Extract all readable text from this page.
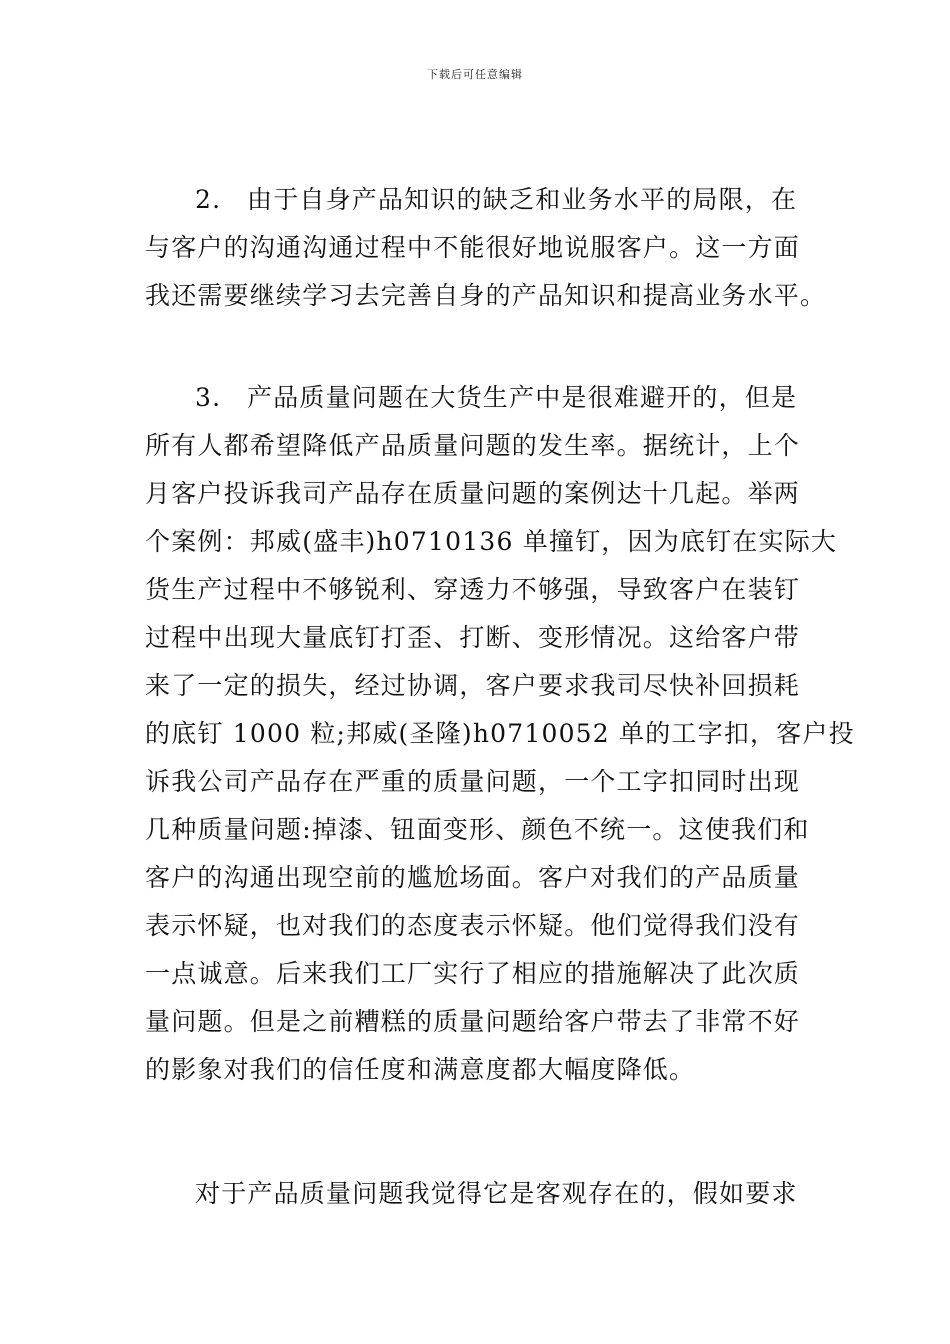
下载后可任意编辑
2. 由于自身产品知识的缺乏和业务水平的局限，在
与客户的沟通沟通过程中不能很好地说服客户。这一方面
我还需要继续学习去完善自身的产品知识和提高业务水平。
3. 产品质量问题在大货生产中是很难避开的，但是
所有人都希望降低产品质量问题的发生率。据统计，上个
月客户投诉我司产品存在质量问题的案例达十几起。举两
个案例：邦威(盛丰)h0710136 单撞钉，因为底钉在实际大
货生产过程中不够锐利、穿透力不够强，导致客户在装钉
过程中出现大量底钉打歪、打断、变形情况。这给客户带
来了一定的损失，经过协调，客户要求我司尽快补回损耗
的底钉 1000 粒;邦威(圣隆)h0710052 单的工字扣，客户投
诉我公司产品存在严重的质量问题，一个工字扣同时出现
几种质量问题:掉漆、钮面变形、颜色不统一。这使我们和
客户的沟通出现空前的尴尬场面。客户对我们的产品质量
表示怀疑，也对我们的态度表示怀疑。他们觉得我们没有
一点诚意。后来我们工厂实行了相应的措施解决了此次质
量问题。但是之前糟糕的质量问题给客户带去了非常不好
的影象对我们的信任度和满意度都大幅度降低。
对于产品质量问题我觉得它是客观存在的，假如要求
